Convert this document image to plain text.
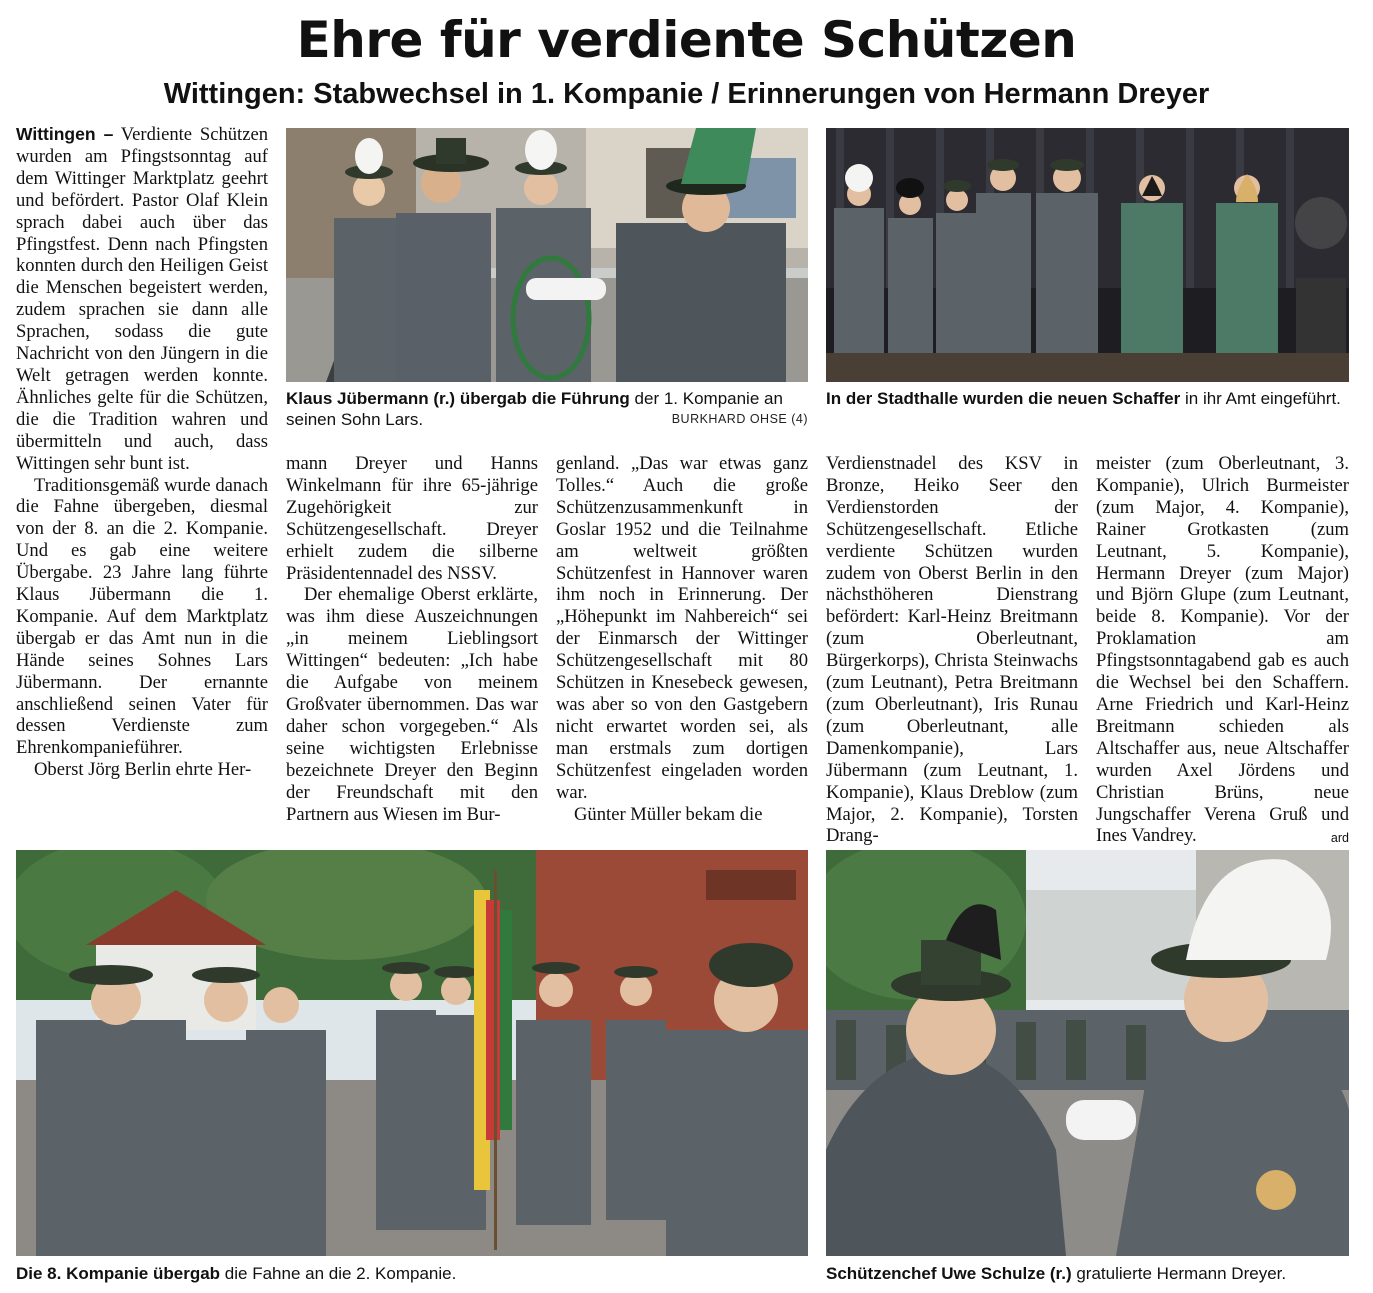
Ehre für verdiente Schützen
Wittingen: Stabwechsel in 1. Kompanie / Erinnerungen von Hermann Dreyer

Wittingen – Verdiente Schützen wurden am Pfingstsonntag auf dem Wittinger Marktplatz geehrt und befördert. Pastor Olaf Klein sprach dabei auch über das Pfingstfest. Denn nach Pfingsten konnten durch den Heiligen Geist die Menschen begeistert werden, zudem sprachen sie dann alle Sprachen, sodass die gute Nachricht von den Jüngern in die Welt getragen werden konnte. Ähnliches gelte für die Schützen, die die Tradition wahren und übermitteln und auch, dass Wittingen sehr bunt ist.

Traditionsgemäß wurde danach die Fahne übergeben, diesmal von der 8. an die 2. Kompanie. Und es gab eine weitere Übergabe. 23 Jahre lang führte Klaus Jübermann die 1. Kompanie. Auf dem Marktplatz übergab er das Amt nun in die Hände seines Sohnes Lars Jübermann. Der ernannte anschließend seinen Vater für dessen Verdienste zum Ehrenkompanieführer.

Oberst Jörg Berlin ehrte Her-

Klaus Jübermann (r.) übergab die Führung der 1. Kompanie an seinen Sohn Lars.	BURKHARD OHSE (4)
In der Stadthalle wurden die neuen Schaffer in ihr Amt eingeführt.

mann Dreyer und Hanns Winkelmann für ihre 65-jährige Zugehörigkeit zur Schützengesellschaft. Dreyer erhielt zudem die silberne Präsidentennadel des NSSV.

Der ehemalige Oberst erklärte, was ihm diese Auszeichnungen „in meinem Lieblingsort Wittingen“ bedeuten: „Ich habe die Aufgabe von meinem Großvater übernommen. Das war daher schon vorgegeben.“ Als seine wichtigsten Erlebnisse bezeichnete Dreyer den Beginn der Freundschaft mit den Partnern aus Wiesen im Bur-

genland. „Das war etwas ganz Tolles.“ Auch die große Schützenzusammenkunft in Goslar 1952 und die Teilnahme am weltweit größten Schützenfest in Hannover waren ihm noch in Erinnerung. Der „Höhepunkt im Nahbereich“ sei der Einmarsch der Wittinger Schützengesellschaft mit 80 Schützen in Knesebeck gewesen, was aber so von den Gastgebern nicht erwartet worden sei, als man erstmals zum dortigen Schützenfest eingeladen worden war.

Günter Müller bekam die

Verdienstnadel des KSV in Bronze, Heiko Seer den Verdienstorden der Schützengesellschaft. Etliche verdiente Schützen wurden zudem von Oberst Berlin in den nächsthöheren Dienstrang befördert: Karl-Heinz Breitmann (zum Oberleutnant, Bürgerkorps), Christa Steinwachs (zum Leutnant), Petra Breitmann (zum Oberleutnant), Iris Runau (zum Oberleutnant, alle Damenkompanie), Lars Jübermann (zum Leutnant, 1. Kompanie), Klaus Dreblow (zum Major, 2. Kompanie), Torsten Drang-

meister (zum Oberleutnant, 3. Kompanie), Ulrich Burmeister (zum Major, 4. Kompanie), Rainer Grotkasten (zum Leutnant, 5. Kompanie), Hermann Dreyer (zum Major) und Björn Glupe (zum Leutnant, beide 8. Kompanie). Vor der Proklamation am Pfingstsonntagabend gab es auch die Wechsel bei den Schaffern. Arne Friedrich und Karl-Heinz Breitmann schieden als Altschaffer aus, neue Altschaffer wurden Axel Jördens und Christian Brüns, neue Jungschaffer Verena Gruß und Ines Vandrey.	ard
Die 8. Kompanie übergab die Fahne an die 2. Kompanie.	Schützenchef Uwe Schulze (r.) gratulierte Hermann Dreyer.
